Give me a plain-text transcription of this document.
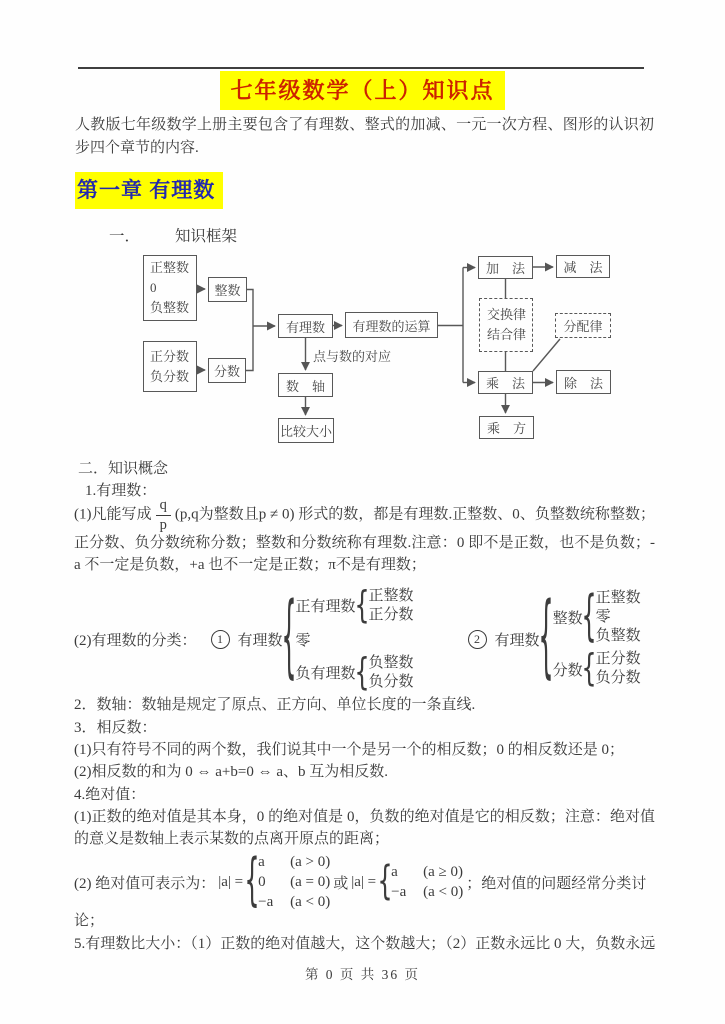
七年级数学（上）知识点
人教版七年级数学上册主要包含了有理数、整式的加减、一元一次方程、图形的认识初步四个章节的内容.
第一章 有理数
一． 知识框架
正整数
0
负整数
整数
正分数
负分数	分数
有理数	有理数的运算
点与数的对应
数　轴
比较大小
加　法	减　法
交换律
结合律
分配律
乘　法	除　法
乘　方
二．知识概念
1.有理数：
(1)凡能写成 $\frac{q}{p} (p,q$为整数且p ≠ 0) 形式的数，都是有理数.正整数、0、负整数统称整数；正分数、负分数统称分数；整数和分数统称有理数.注意：0 即不是正数，也不是负数；-a 不一定是负数，+a 也不一定是正数；π不是有理数；
(2)有理数的分类：	1 有理数
{
正有理数
{
正整数
正分数
零
负有理数
{
负整数
负分数
2 有理数
{
整数
{
正整数
零
负整数
分数
{
正分数
负分数
2．数轴：数轴是规定了原点、正方向、单位长度的一条直线.
3．相反数：
(1)只有符号不同的两个数，我们说其中一个是另一个的相反数；0 的相反数还是 0；
(2)相反数的和为 0 ⇔ a+b=0 ⇔ a、b 互为相反数.
4.绝对值：
(1)正数的绝对值是其本身，0 的绝对值是 0，负数的绝对值是它的相反数；注意：绝对值的意义是数轴上表示某数的点离开原点的距离；
(2) 绝对值可表示为： |a| =
{
a	(a > 0)
0	(a = 0)
−a	(a < 0)
或 |a| =
{
a	(a ≥ 0)
−a	(a < 0)
；绝对值的问题经常分类讨
论；
5.有理数比大小：（1）正数的绝对值越大，这个数越大；（2）正数永远比 0 大，负数永远
第 0 页 共 36 页
